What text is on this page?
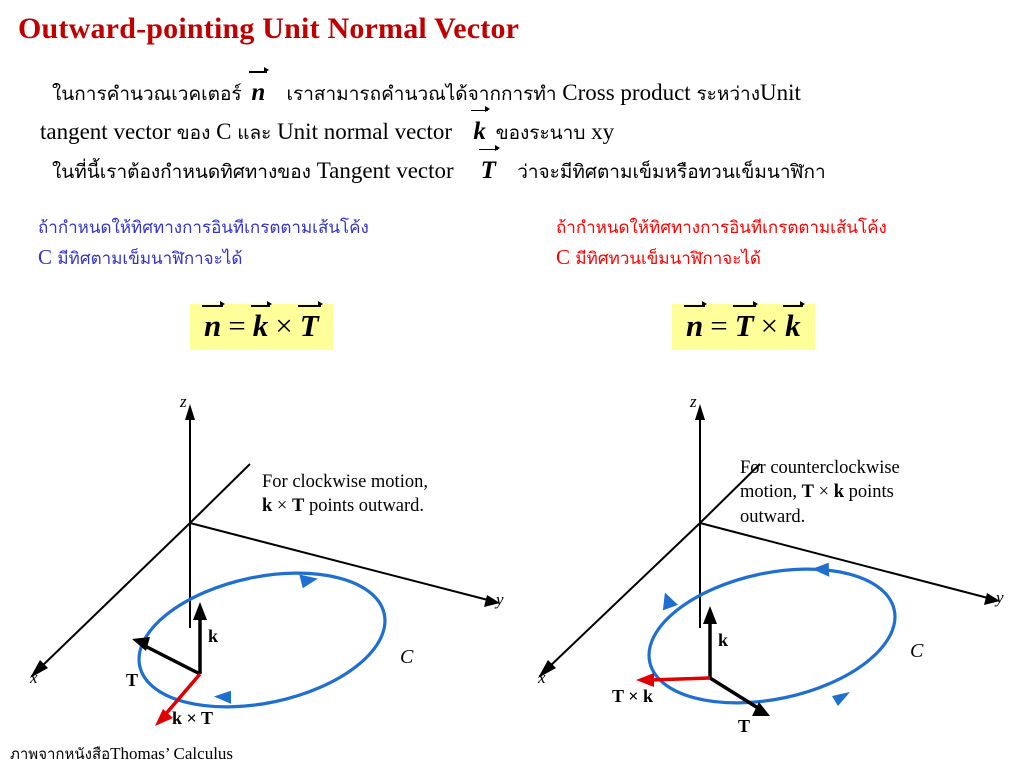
Outward-pointing Unit Normal Vector
ในการคำนวณเวคเตอร์ n เราสามารถคำนวณได้จากการทำ Cross product ระหว่างUnit
tangent vector ของ C และ Unit normal vector k ของระนาบ xy
ในที่นี้เราต้องกำหนดทิศทางของ Tangent vector T ว่าจะมีทิศตามเข็มหรือทวนเข็มนาฬิกา
ถ้ากำหนดให้ทิศทางการอินทีเกรตตามเส้นโค้ง
C มีทิศตามเข็มนาฬิกาจะได้
ถ้ากำหนดให้ทิศทางการอินทีเกรตตามเส้นโค้ง
C มีทิศทวนเข็มนาฬิกาจะได้
n = k × T	n = T × k
For clockwise motion,
k × T points outward.
z
y
x
k
T
k × T
C
For counterclockwise
motion, T × k points
outward.
z
y
x
k
T
T × k
C
ภาพจากหนังสือThomas’ Calculus
